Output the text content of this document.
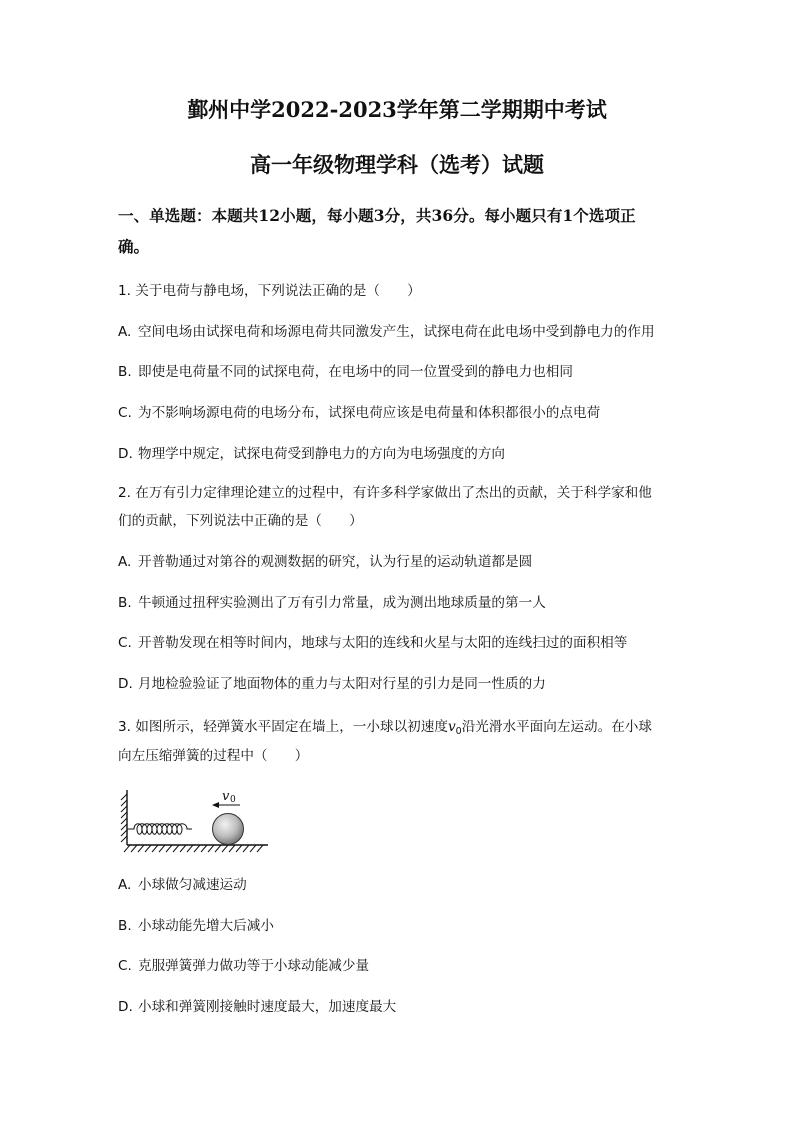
鄞州中学2022-2023学年第二学期期中考试
高一年级物理学科（选考）试题
一、单选题：本题共12小题，每小题3分，共36分。每小题只有1个选项正
确。
1. 关于电荷与静电场，下列说法正确的是（　　）
A. 空间电场由试探电荷和场源电荷共同激发产生，试探电荷在此电场中受到静电力的作用
B. 即使是电荷量不同的试探电荷，在电场中的同一位置受到的静电力也相同
C. 为不影响场源电荷的电场分布，试探电荷应该是电荷量和体积都很小的点电荷
D. 物理学中规定，试探电荷受到静电力的方向为电场强度的方向
2. 在万有引力定律理论建立的过程中，有许多科学家做出了杰出的贡献，关于科学家和他
们的贡献，下列说法中正确的是（　　）
A. 开普勒通过对第谷的观测数据的研究，认为行星的运动轨道都是圆
B. 牛顿通过扭秤实验测出了万有引力常量，成为测出地球质量的第一人
C. 开普勒发现在相等时间内，地球与太阳的连线和火星与太阳的连线扫过的面积相等
D. 月地检验验证了地面物体的重力与太阳对行星的引力是同一性质的力
3. 如图所示，轻弹簧水平固定在墙上，一小球以初速度$v_0$沿光滑水平面向左运动。在小球
向左压缩弹簧的过程中（　　）
v 0
A. 小球做匀减速运动
B. 小球动能先增大后减小
C. 克服弹簧弹力做功等于小球动能减少量
D. 小球和弹簧刚接触时速度最大，加速度最大
